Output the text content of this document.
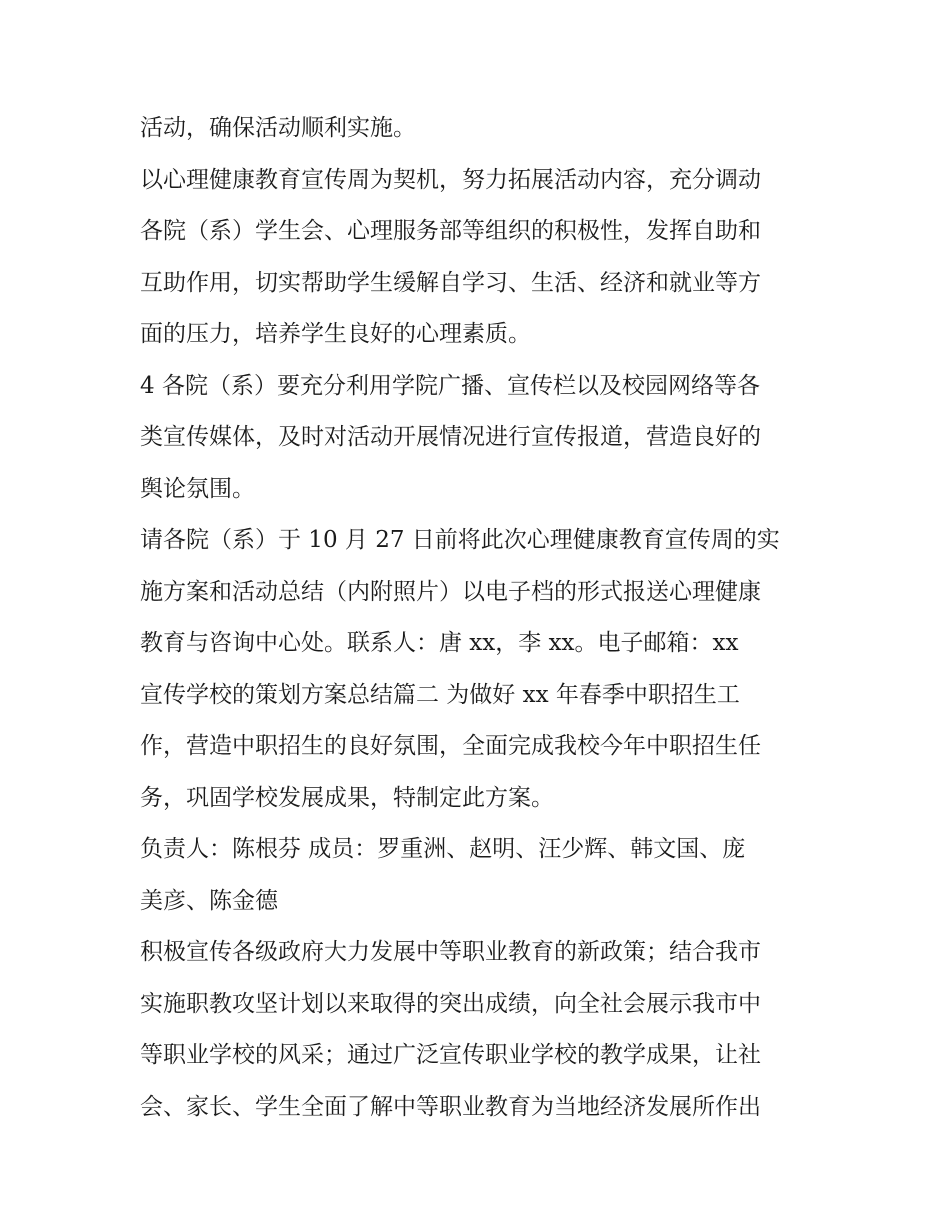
活动，确保活动顺利实施。
以心理健康教育宣传周为契机，努力拓展活动内容，充分调动
各院（系）学生会、心理服务部等组织的积极性，发挥自助和
互助作用，切实帮助学生缓解自学习、生活、经济和就业等方
面的压力，培养学生良好的心理素质。
4 各院（系）要充分利用学院广播、宣传栏以及校园网络等各
类宣传媒体，及时对活动开展情况进行宣传报道，营造良好的
舆论氛围。
请各院（系）于 10 月 27 日前将此次心理健康教育宣传周的实
施方案和活动总结（内附照片）以电子档的形式报送心理健康
教育与咨询中心处。联系人：唐 xx，李 xx。电子邮箱：xx
宣传学校的策划方案总结篇二 为做好 xx 年春季中职招生工
作，营造中职招生的良好氛围，全面完成我校今年中职招生任
务，巩固学校发展成果，特制定此方案。
负责人：陈根芬 成员：罗重洲、赵明、汪少辉、韩文国、庞
美彦、陈金德
积极宣传各级政府大力发展中等职业教育的新政策；结合我市
实施职教攻坚计划以来取得的突出成绩，向全社会展示我市中
等职业学校的风采；通过广泛宣传职业学校的教学成果，让社
会、家长、学生全面了解中等职业教育为当地经济发展所作出
